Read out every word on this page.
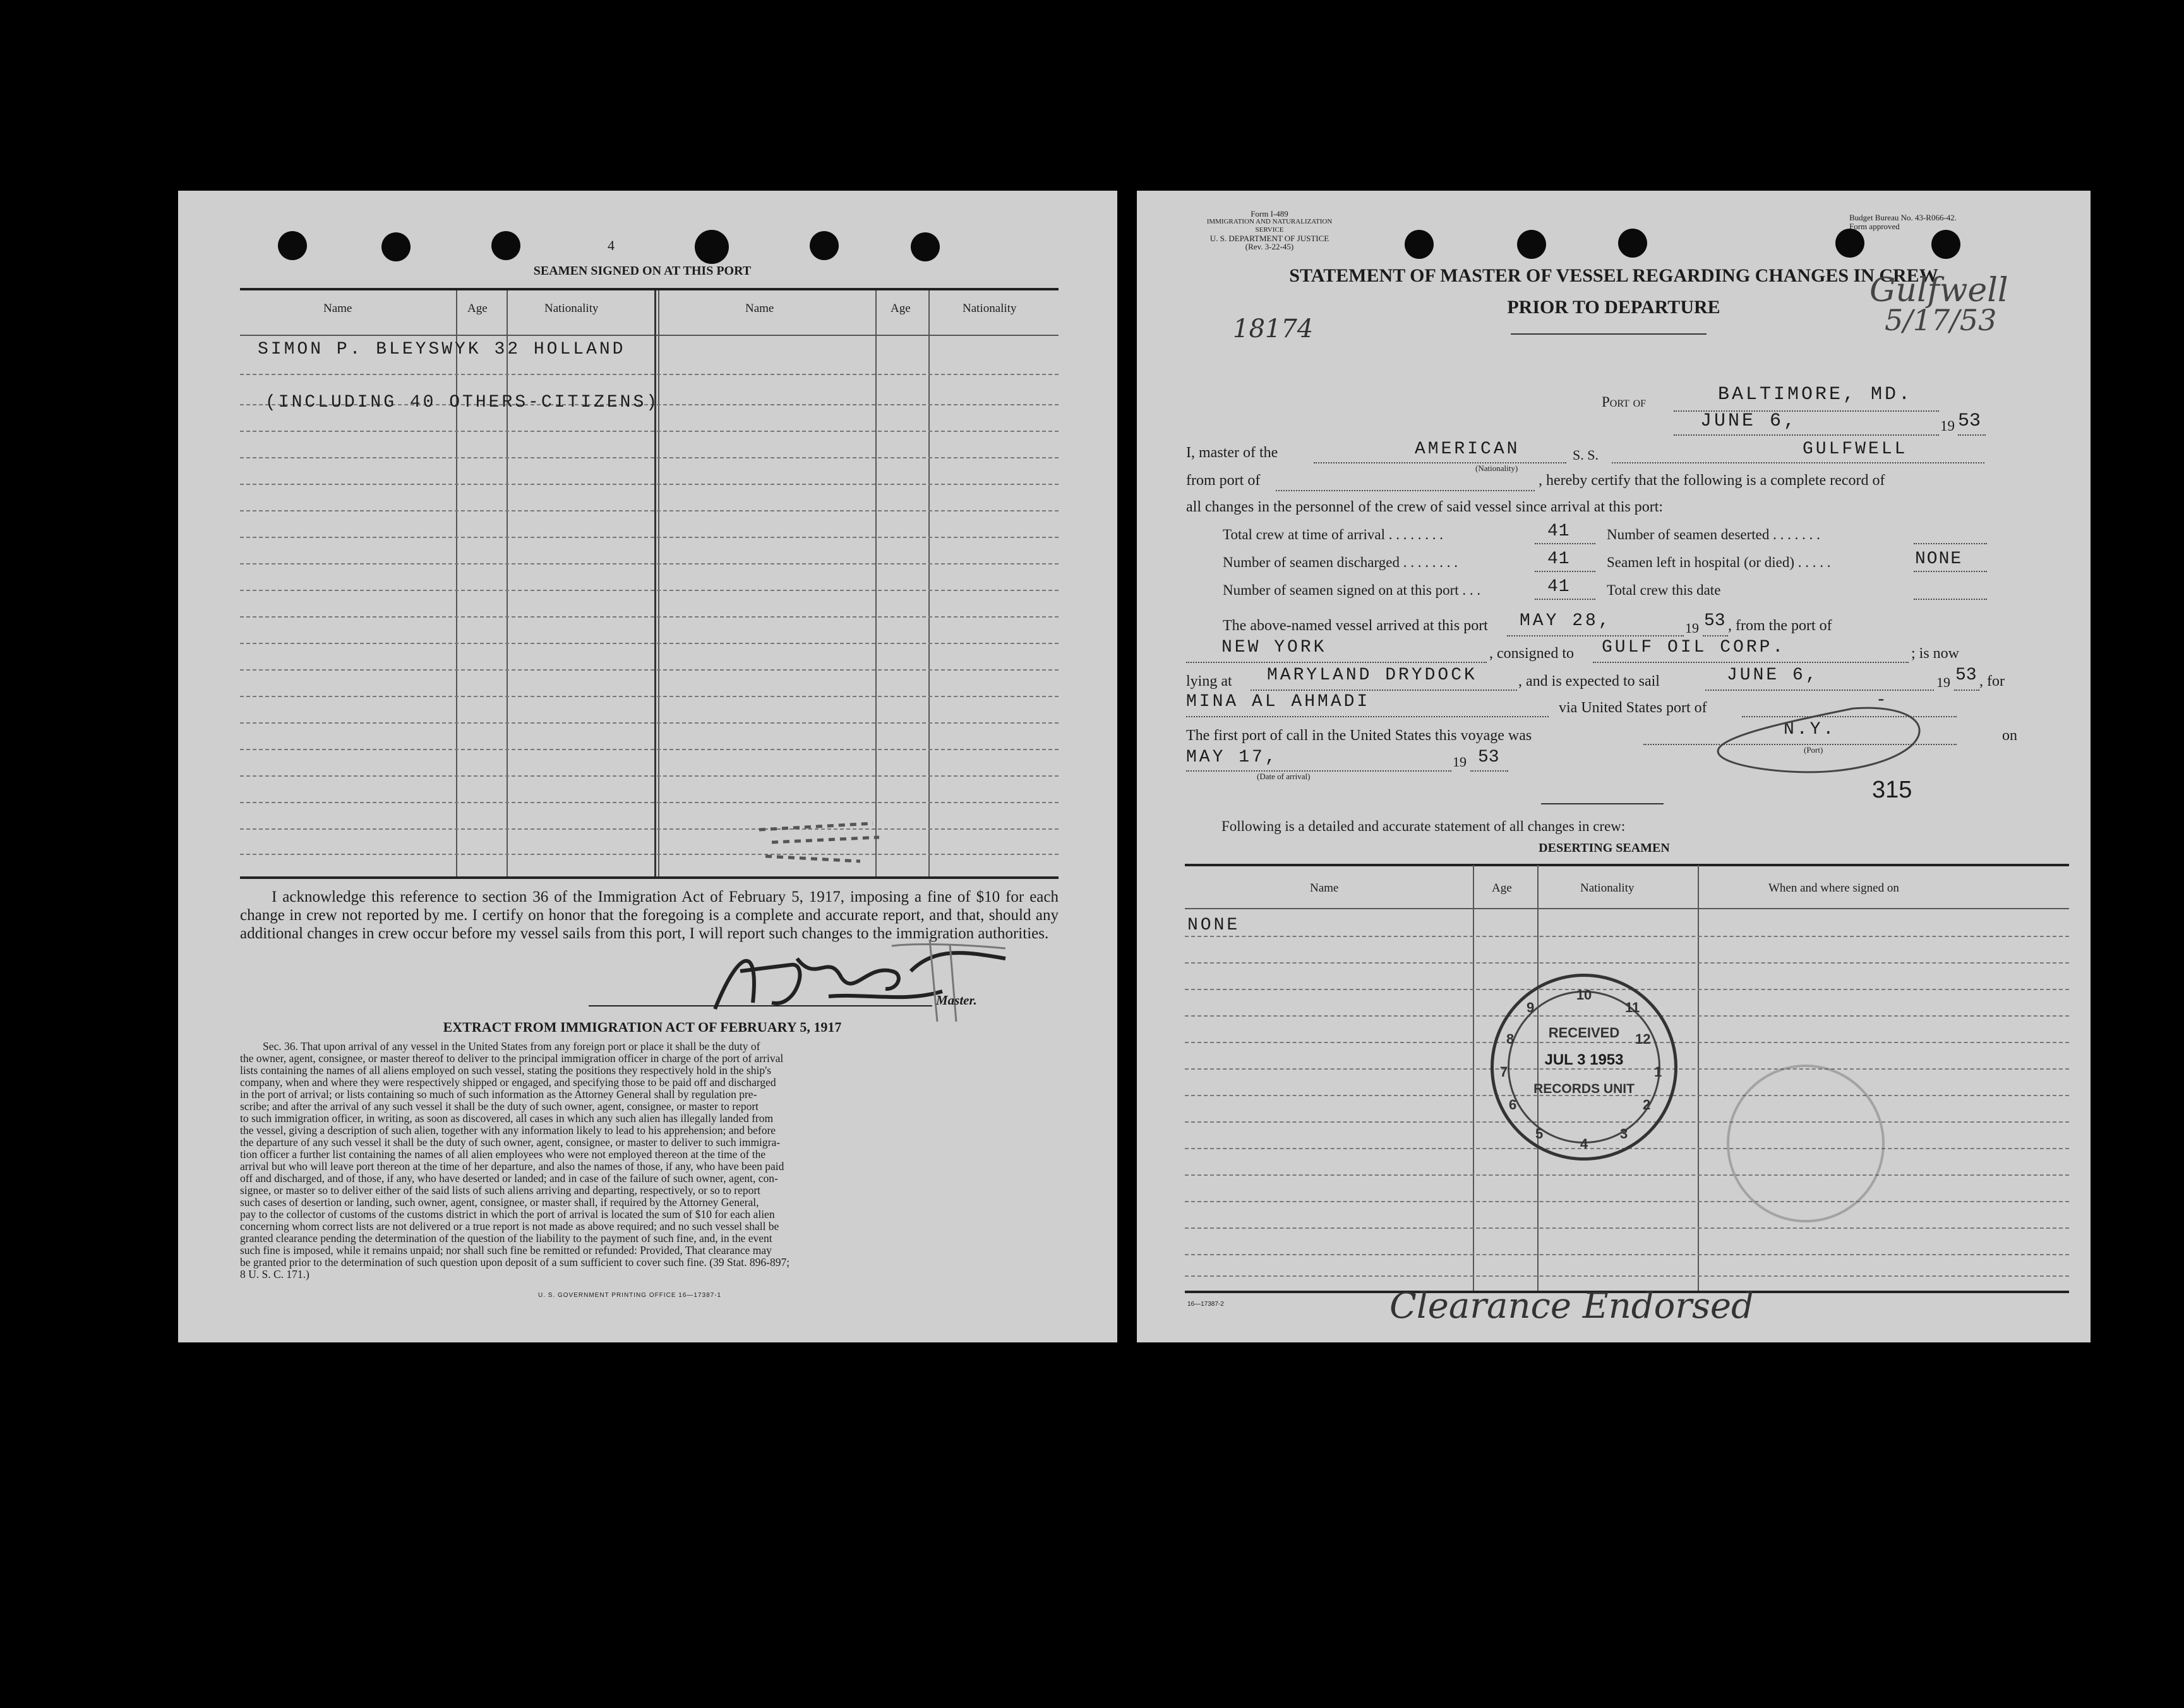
4
SEAMEN SIGNED ON AT THIS PORT
Name	Age	Nationality	Name	Age	Nationality
SIMON P. BLEYSWYK 32 HOLLAND
(INCLUDING 40 OTHERS-CITIZENS)
I acknowledge this reference to section 36 of the Immigration Act of February 5, 1917, imposing a fine of $10 for each change in crew not reported by me. I certify on honor that the foregoing is a complete and accurate report, and that, should any additional changes in crew occur before my vessel sails from this port, I will report such changes to the immigration authorities.
Master.
EXTRACT FROM IMMIGRATION ACT OF FEBRUARY 5, 1917
Sec. 36. That upon arrival of any vessel in the United States from any foreign port or place it shall be the duty of
the owner, agent, consignee, or master thereof to deliver to the principal immigration officer in charge of the port of arrival
lists containing the names of all aliens employed on such vessel, stating the positions they respectively hold in the ship's
company, when and where they were respectively shipped or engaged, and specifying those to be paid off and discharged
in the port of arrival; or lists containing so much of such information as the Attorney General shall by regulation pre-
scribe; and after the arrival of any such vessel it shall be the duty of such owner, agent, consignee, or master to report
to such immigration officer, in writing, as soon as discovered, all cases in which any such alien has illegally landed from
the vessel, giving a description of such alien, together with any information likely to lead to his apprehension; and before
the departure of any such vessel it shall be the duty of such owner, agent, consignee, or master to deliver to such immigra-
tion officer a further list containing the names of all alien employees who were not employed thereon at the time of the
arrival but who will leave port thereon at the time of her departure, and also the names of those, if any, who have been paid
off and discharged, and of those, if any, who have deserted or landed; and in case of the failure of such owner, agent, con-
signee, or master so to deliver either of the said lists of such aliens arriving and departing, respectively, or so to report
such cases of desertion or landing, such owner, agent, consignee, or master shall, if required by the Attorney General,
pay to the collector of customs of the customs district in which the port of arrival is located the sum of $10 for each alien
concerning whom correct lists are not delivered or a true report is not made as above required; and no such vessel shall be
granted clearance pending the determination of the question of the liability to the payment of such fine, and, in the event
such fine is imposed, while it remains unpaid; nor shall such fine be remitted or refunded: Provided, That clearance may
be granted prior to the determination of such question upon deposit of a sum sufficient to cover such fine. (39 Stat. 896-897;
8 U. S. C. 171.)
U. S. GOVERNMENT PRINTING OFFICE 16—17387-1
Form I-489
IMMIGRATION AND NATURALIZATION SERVICE
U. S. DEPARTMENT OF JUSTICE
(Rev. 3-22-45)
Budget Bureau No. 43-R066-42.
Form approved
STATEMENT OF MASTER OF VESSEL REGARDING CHANGES IN CREW
PRIOR TO DEPARTURE
18174
Gulfwell
5/17/53
Port of	BALTIMORE, MD.
JUNE 6,	19 53
I, master of the	AMERICAN
(Nationality)
S. S.	GULFWELL
from port of	, hereby certify that the following is a complete record of
all changes in the personnel of the crew of said vessel since arrival at this port:
Total crew at time of arrival . . . . . . . .	41	Number of seamen deserted . . . . . . .
Number of seamen discharged . . . . . . . .	41	Seamen left in hospital (or died) . . . . .	NONE
Number of seamen signed on at this port . . .	41	Total crew this date
The above-named vessel arrived at this port MAY 28,	19 53 , from the port of
NEW YORK	, consigned to GULF OIL CORP.	; is now
lying at MARYLAND DRYDOCK	, and is expected to sail	JUNE 6,	19 53 , for
MINA AL AHMADI	via United States port of	-
The first port of call in the United States this voyage was	N.Y.
(Port)
on
MAY 17,	19 53
(Date of arrival)
315
Following is a detailed and accurate statement of all changes in crew:
DESERTING SEAMEN
Name	Age	Nationality	When and where signed on
NONE
10
11
12
1
2
3
4
5
6
7
8
9
RECEIVED
JUL 3 1953
RECORDS UNIT
16—17387-2	Clearance Endorsed
